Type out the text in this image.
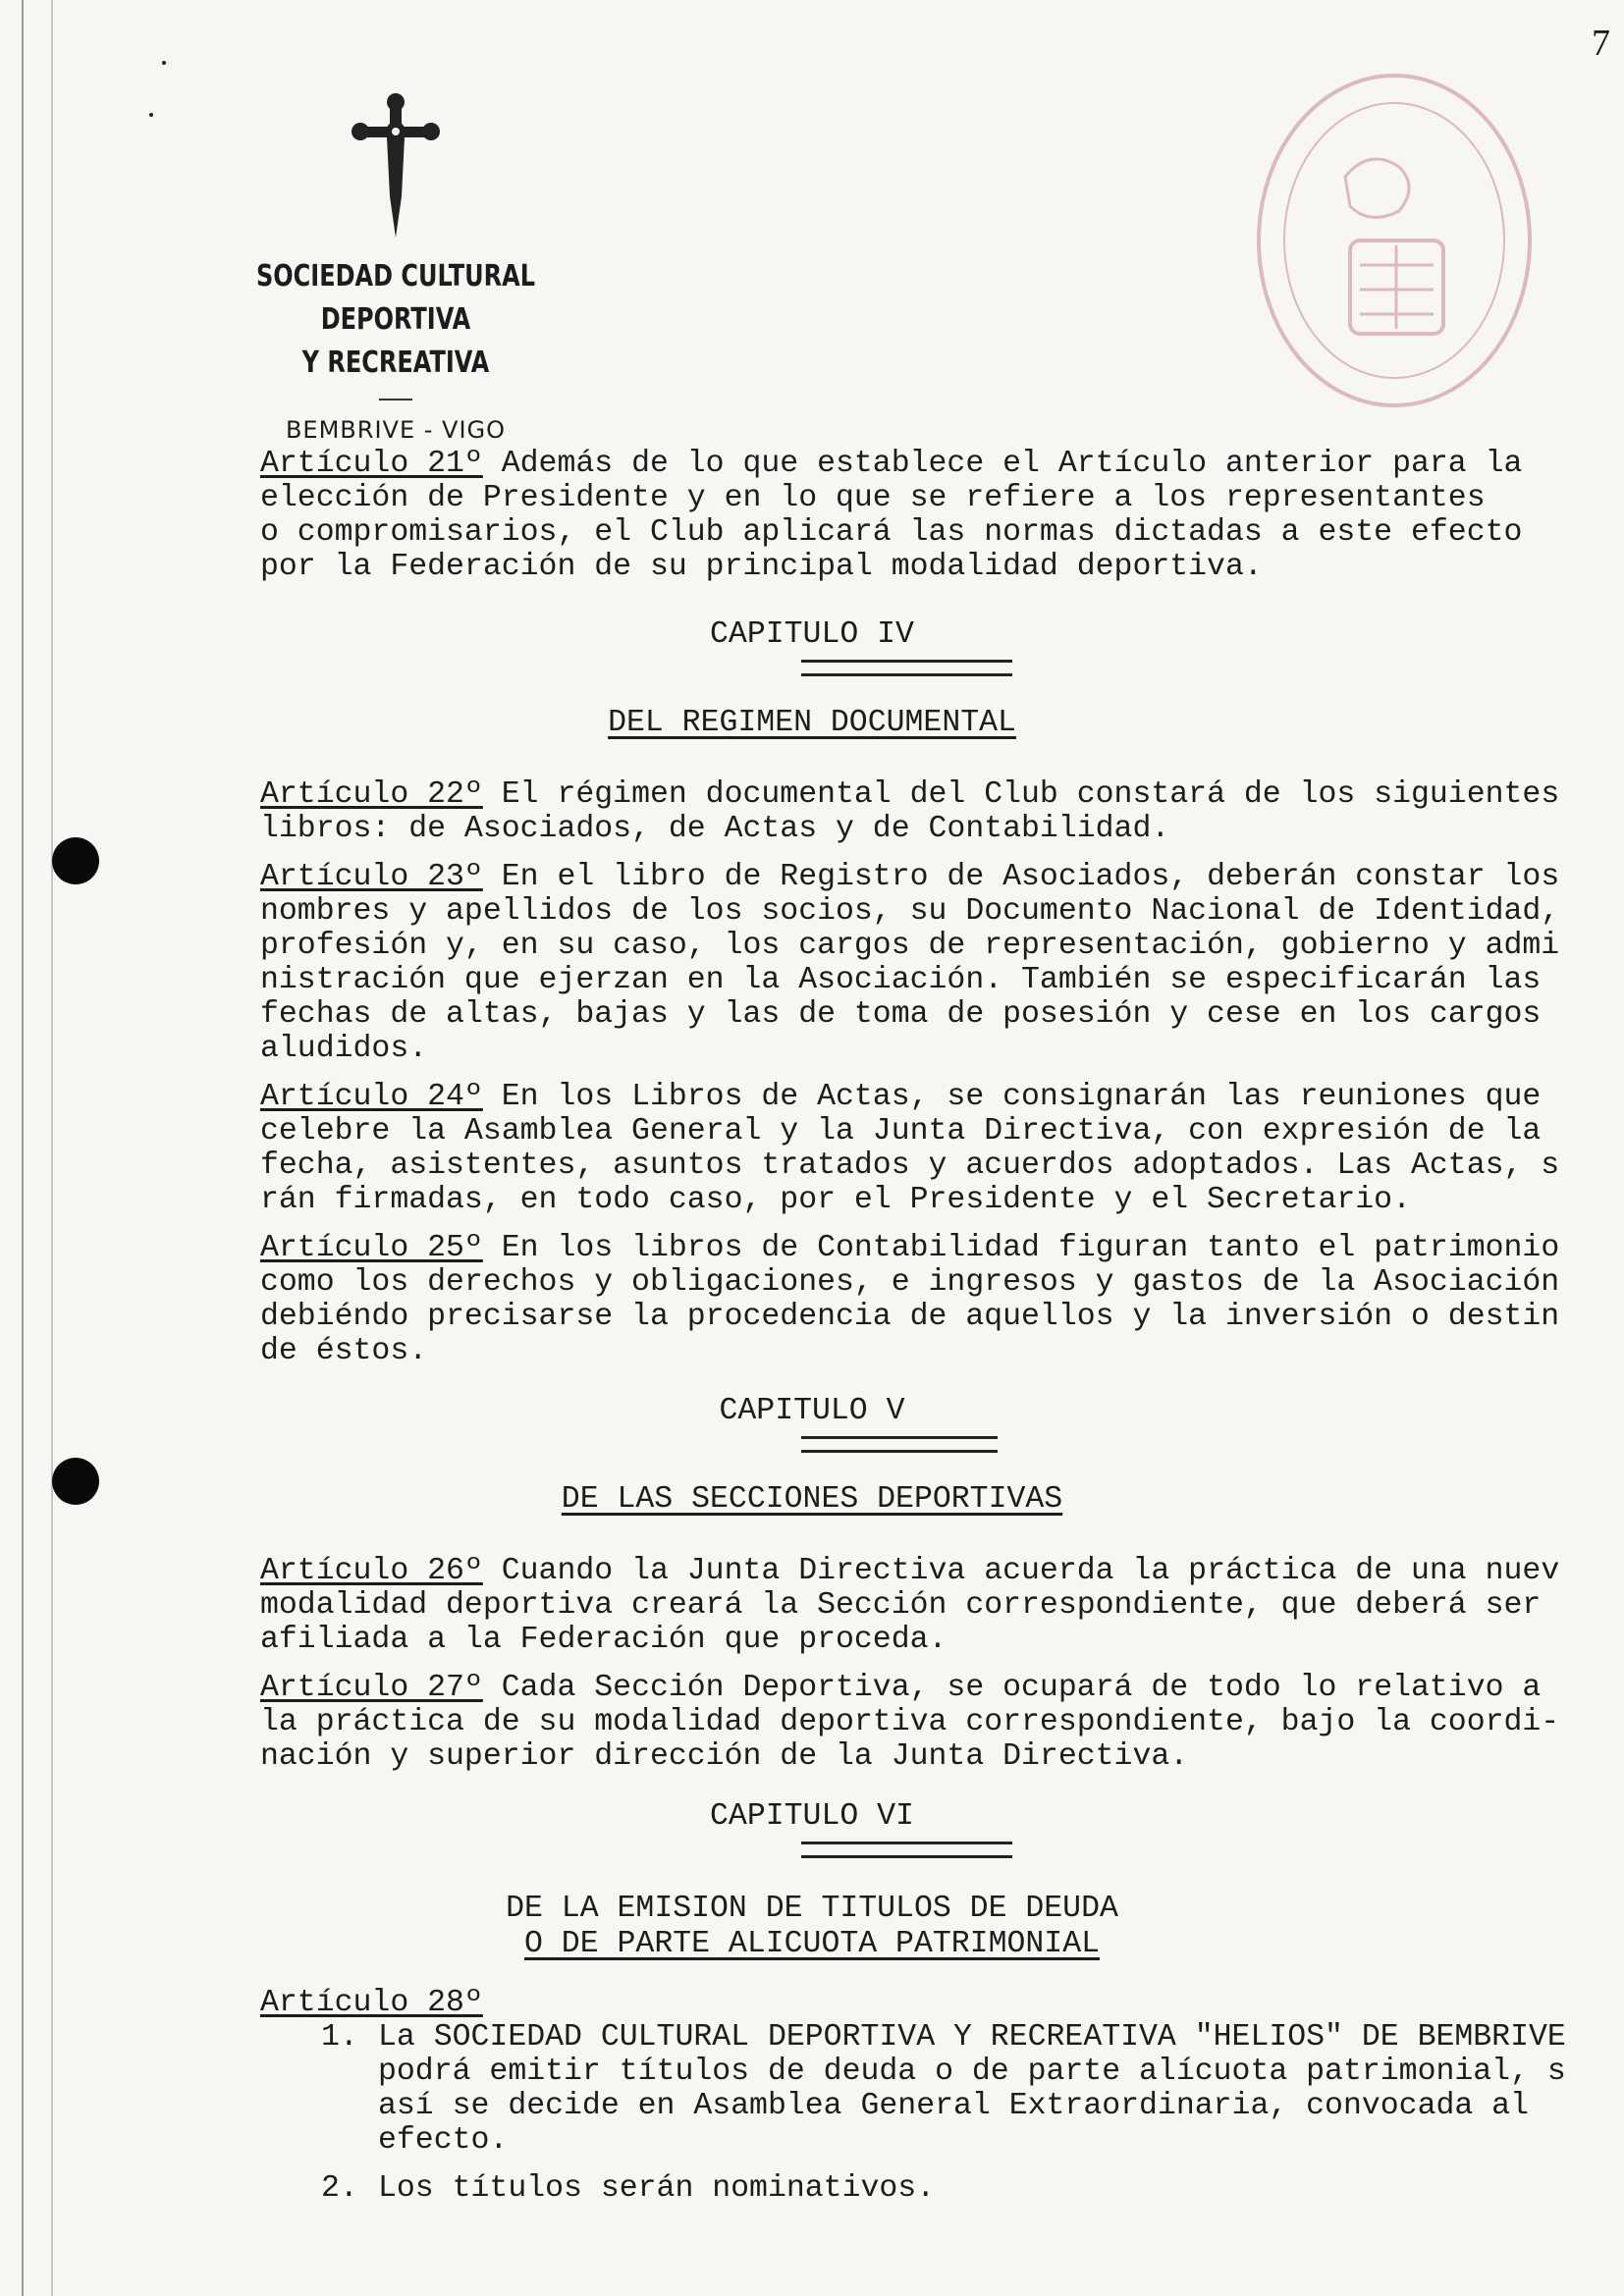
7
SOCIEDAD CULTURAL DEPORTIVA
Y RECREATIVA
BEMBRIVE - VIGO
Artículo 21º Además de lo que establece el Artículo anterior para la
elección de Presidente y en lo que se refiere a los representantes
o compromisarios, el Club aplicará las normas dictadas a este efecto
por la Federación de su principal modalidad deportiva.
CAPITULO IV
DEL REGIMEN DOCUMENTAL
Artículo 22º El régimen documental del Club constará de los siguientes
libros: de Asociados, de Actas y de Contabilidad.
Artículo 23º En el libro de Registro de Asociados, deberán constar los
nombres y apellidos de los socios, su Documento Nacional de Identidad,
profesión y, en su caso, los cargos de representación, gobierno y admi
nistración que ejerzan en la Asociación. También se especificarán las
fechas de altas, bajas y las de toma de posesión y cese en los cargos
aludidos.
Artículo 24º En los Libros de Actas, se consignarán las reuniones que
celebre la Asamblea General y la Junta Directiva, con expresión de la
fecha, asistentes, asuntos tratados y acuerdos adoptados. Las Actas, s
rán firmadas, en todo caso, por el Presidente y el Secretario.
Artículo 25º En los libros de Contabilidad figuran tanto el patrimonio
como los derechos y obligaciones, e ingresos y gastos de la Asociación
debiéndo precisarse la procedencia de aquellos y la inversión o destin
de éstos.
CAPITULO V
DE LAS SECCIONES DEPORTIVAS
Artículo 26º Cuando la Junta Directiva acuerda la práctica de una nuev
modalidad deportiva creará la Sección correspondiente, que deberá ser
afiliada a la Federación que proceda.
Artículo 27º Cada Sección Deportiva, se ocupará de todo lo relativo a
la práctica de su modalidad deportiva correspondiente, bajo la coordi-
nación y superior dirección de la Junta Directiva.
CAPITULO VI
DE LA EMISION DE TITULOS DE DEUDA
O DE PARTE ALICUOTA PATRIMONIAL
Artículo 28º
1. La SOCIEDAD CULTURAL DEPORTIVA Y RECREATIVA "HELIOS" DE BEMBRIVE
podrá emitir títulos de deuda o de parte alícuota patrimonial, s
así se decide en Asamblea General Extraordinaria, convocada al
efecto.
2. Los títulos serán nominativos.
